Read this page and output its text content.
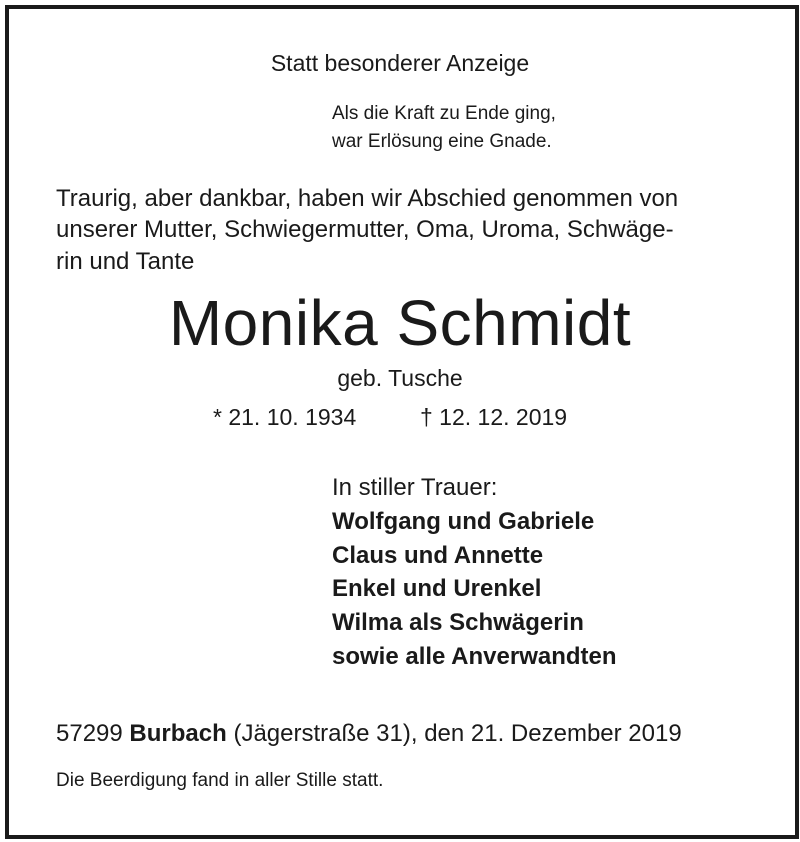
Statt besonderer Anzeige
Als die Kraft zu Ende ging,
war Erlösung eine Gnade.
Traurig, aber dankbar, haben wir Abschied genommen von
unserer Mutter, Schwiegermutter, Oma, Uroma, Schwäge-
rin und Tante
Monika Schmidt
geb. Tusche
* 21. 10. 1934	† 12. 12. 2019
In stiller Trauer:
Wolfgang und Gabriele
Claus und Annette
Enkel und Urenkel
Wilma als Schwägerin
sowie alle Anverwandten
57299 Burbach (Jägerstraße 31), den 21. Dezember 2019
Die Beerdigung fand in aller Stille statt.
